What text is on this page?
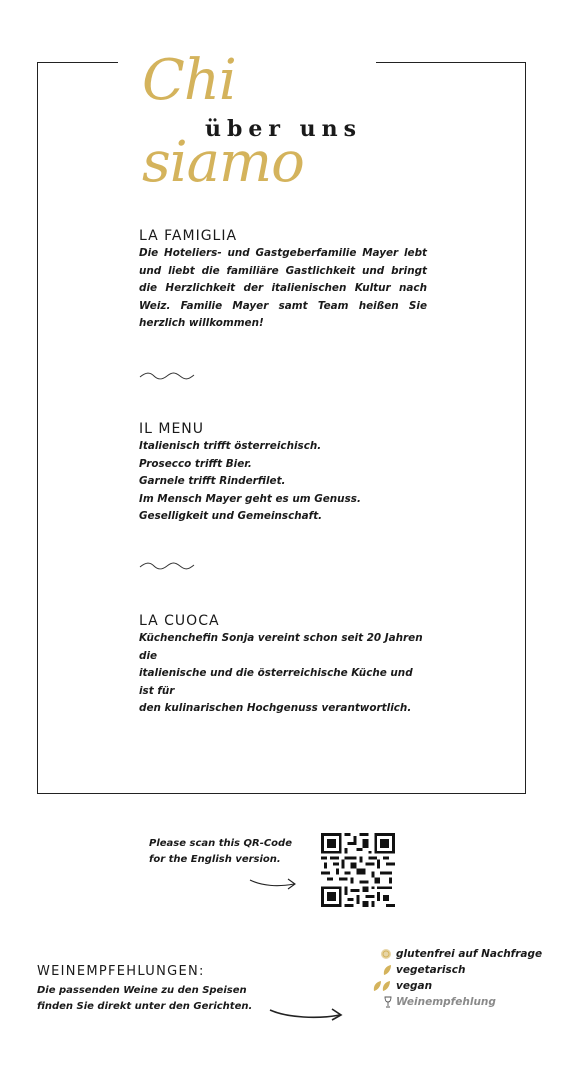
Chi siamo
über uns
LA FAMIGLIA

Die Hoteliers- und Gastgeberfamilie Mayer lebt und liebt die familiäre Gastlichkeit und bringt die Herzlichkeit der italienischen Kultur nach Weiz. Familie Mayer samt Team heißen Sie herzlich willkommen!

IL MENU

Italienisch trifft österreichisch.
Prosecco trifft Bier.
Garnele trifft Rinderfilet.
Im Mensch Mayer geht es um Genuss.
Geselligkeit und Gemeinschaft.

LA CUOCA

Küchenchefin Sonja vereint schon seit 20 Jahren die
italienische und die österreichische Küche und ist für
den kulinarischen Hochgenuss verantwortlich.

Please scan this QR-Code
for the English version.
WEINEMPFEHLUNGEN:
Die passenden Weine zu den Speisen
finden Sie direkt unter den Gerichten.
glutenfrei auf Nachfrage
vegetarisch
vegan
Weinempfehlung
